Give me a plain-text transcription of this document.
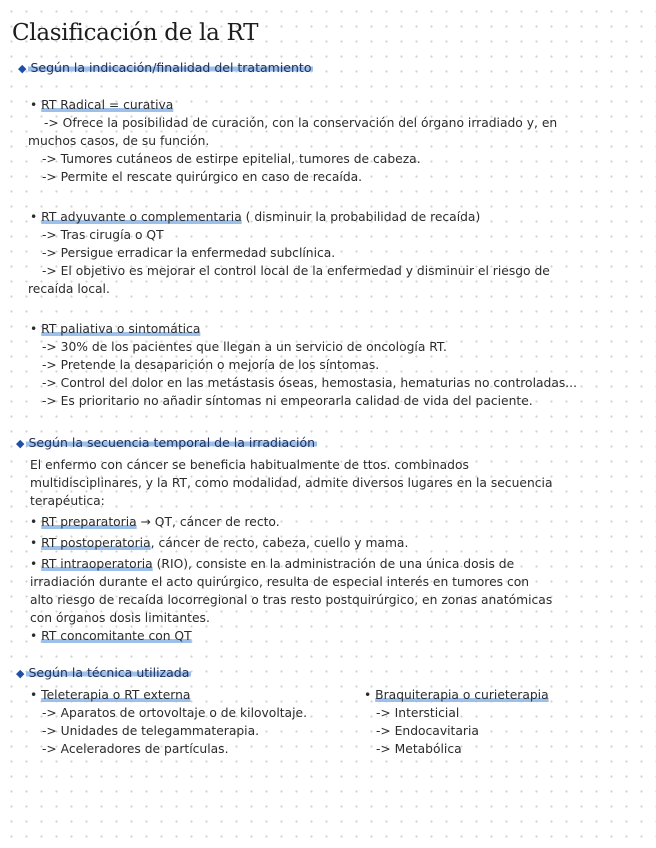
Clasificación de la RT
◆ Según la indicación/finalidad del tratamiento
• RT Radical = curativa
-> Ofrece la posibilidad de curación, con la conservación del órgano irradiado y, en
muchos casos, de su función.
-> Tumores cutáneos de estirpe epitelial, tumores de cabeza.
-> Permite el rescate quirúrgico en caso de recaída.
• RT adyuvante o complementaria ( disminuir la probabilidad de recaída)
-> Tras cirugía o QT
-> Persigue erradicar la enfermedad subclínica.
-> El objetivo es mejorar el control local de la enfermedad y disminuir el riesgo de
recaída local.
• RT paliativa o sintomática
-> 30% de los pacientes que llegan a un servicio de oncología RT.
-> Pretende la desaparición o mejoría de los síntomas.
-> Control del dolor en las metástasis óseas, hemostasia, hematurias no controladas...
-> Es prioritario no añadir síntomas ni empeorarla calidad de vida del paciente.
◆ Según la secuencia temporal de la irradiación
El enfermo con cáncer se beneficia habitualmente de ttos. combinados
multidisciplinares, y la RT, como modalidad, admite diversos lugares en la secuencia
terapéutica:
• RT preparatoria → QT, cáncer de recto.
• RT postoperatoria, cáncer de recto, cabeza, cuello y mama.
• RT intraoperatoria (RIO), consiste en la administración de una única dosis de
irradiación durante el acto quirúrgico, resulta de especial interés en tumores con
alto riesgo de recaída locorregional o tras resto postquirúrgico, en zonas anatómicas
con órganos dosis limitantes.
• RT concomitante con QT
◆ Según la técnica utilizada
• Teleterapia o RT externa
-> Aparatos de ortovoltaje o de kilovoltaje.
-> Unidades de telegammaterapia.
-> Aceleradores de partículas.
• Braquiterapia o curieterapia
-> Intersticial
-> Endocavitaria
-> Metabólica
